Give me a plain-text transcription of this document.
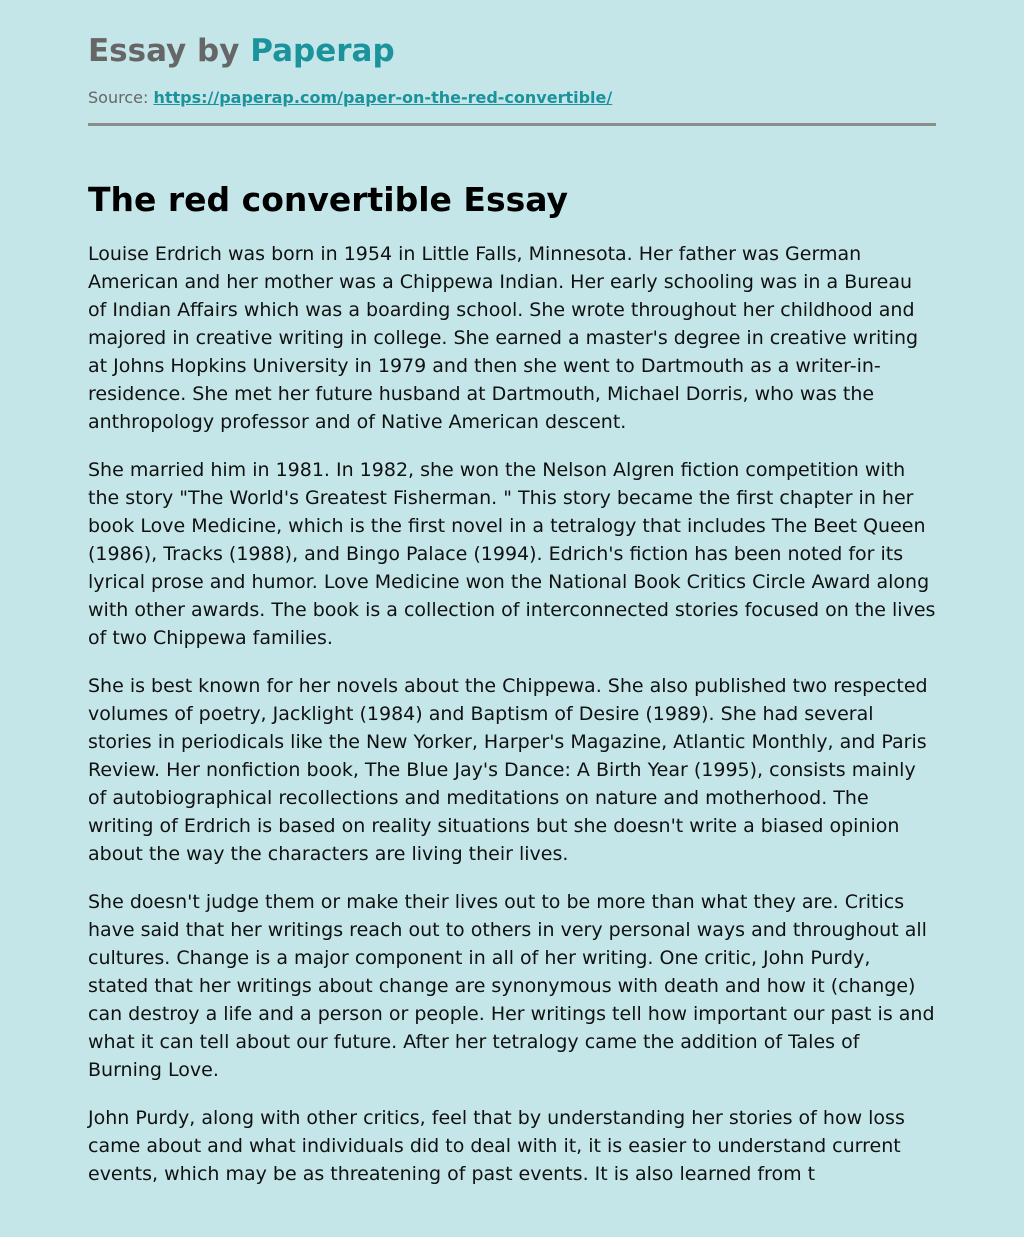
Essay by Paperap
Source: https://paperap.com/paper-on-the-red-convertible/
The red convertible Essay

Louise Erdrich was born in 1954 in Little Falls, Minnesota. Her father was German American and her mother was a Chippewa Indian. Her early schooling was in a Bureau of Indian Affairs which was a boarding school. She wrote throughout her childhood and majored in creative writing in college. She earned a master's degree in creative writing at Johns Hopkins University in 1979 and then she went to Dartmouth as a writer-in-residence. She met her future husband at Dartmouth, Michael Dorris, who was the anthropology professor and of Native American descent.

She married him in 1981. In 1982, she won the Nelson Algren fiction competition with the story "The World's Greatest Fisherman. " This story became the first chapter in her book Love Medicine, which is the first novel in a tetralogy that includes The Beet Queen (1986), Tracks (1988), and Bingo Palace (1994). Edrich's fiction has been noted for its lyrical prose and humor. Love Medicine won the National Book Critics Circle Award along with other awards. The book is a collection of interconnected stories focused on the lives of two Chippewa families.

She is best known for her novels about the Chippewa. She also published two respected volumes of poetry, Jacklight (1984) and Baptism of Desire (1989). She had several stories in periodicals like the New Yorker, Harper's Magazine, Atlantic Monthly, and Paris Review. Her nonfiction book, The Blue Jay's Dance: A Birth Year (1995), consists mainly of autobiographical recollections and meditations on nature and motherhood. The writing of Erdrich is based on reality situations but she doesn't write a biased opinion about the way the characters are living their lives.

She doesn't judge them or make their lives out to be more than what they are. Critics have said that her writings reach out to others in very personal ways and throughout all cultures. Change is a major component in all of her writing. One critic, John Purdy, stated that her writings about change are synonymous with death and how it (change) can destroy a life and a person or people. Her writings tell how important our past is and what it can tell about our future. After her tetralogy came the addition of Tales of Burning Love.

John Purdy, along with other critics, feel that by understanding her stories of how loss came about and what individuals did to deal with it, it is easier to understand current events, which may be as threatening of past events. It is also learned from t
